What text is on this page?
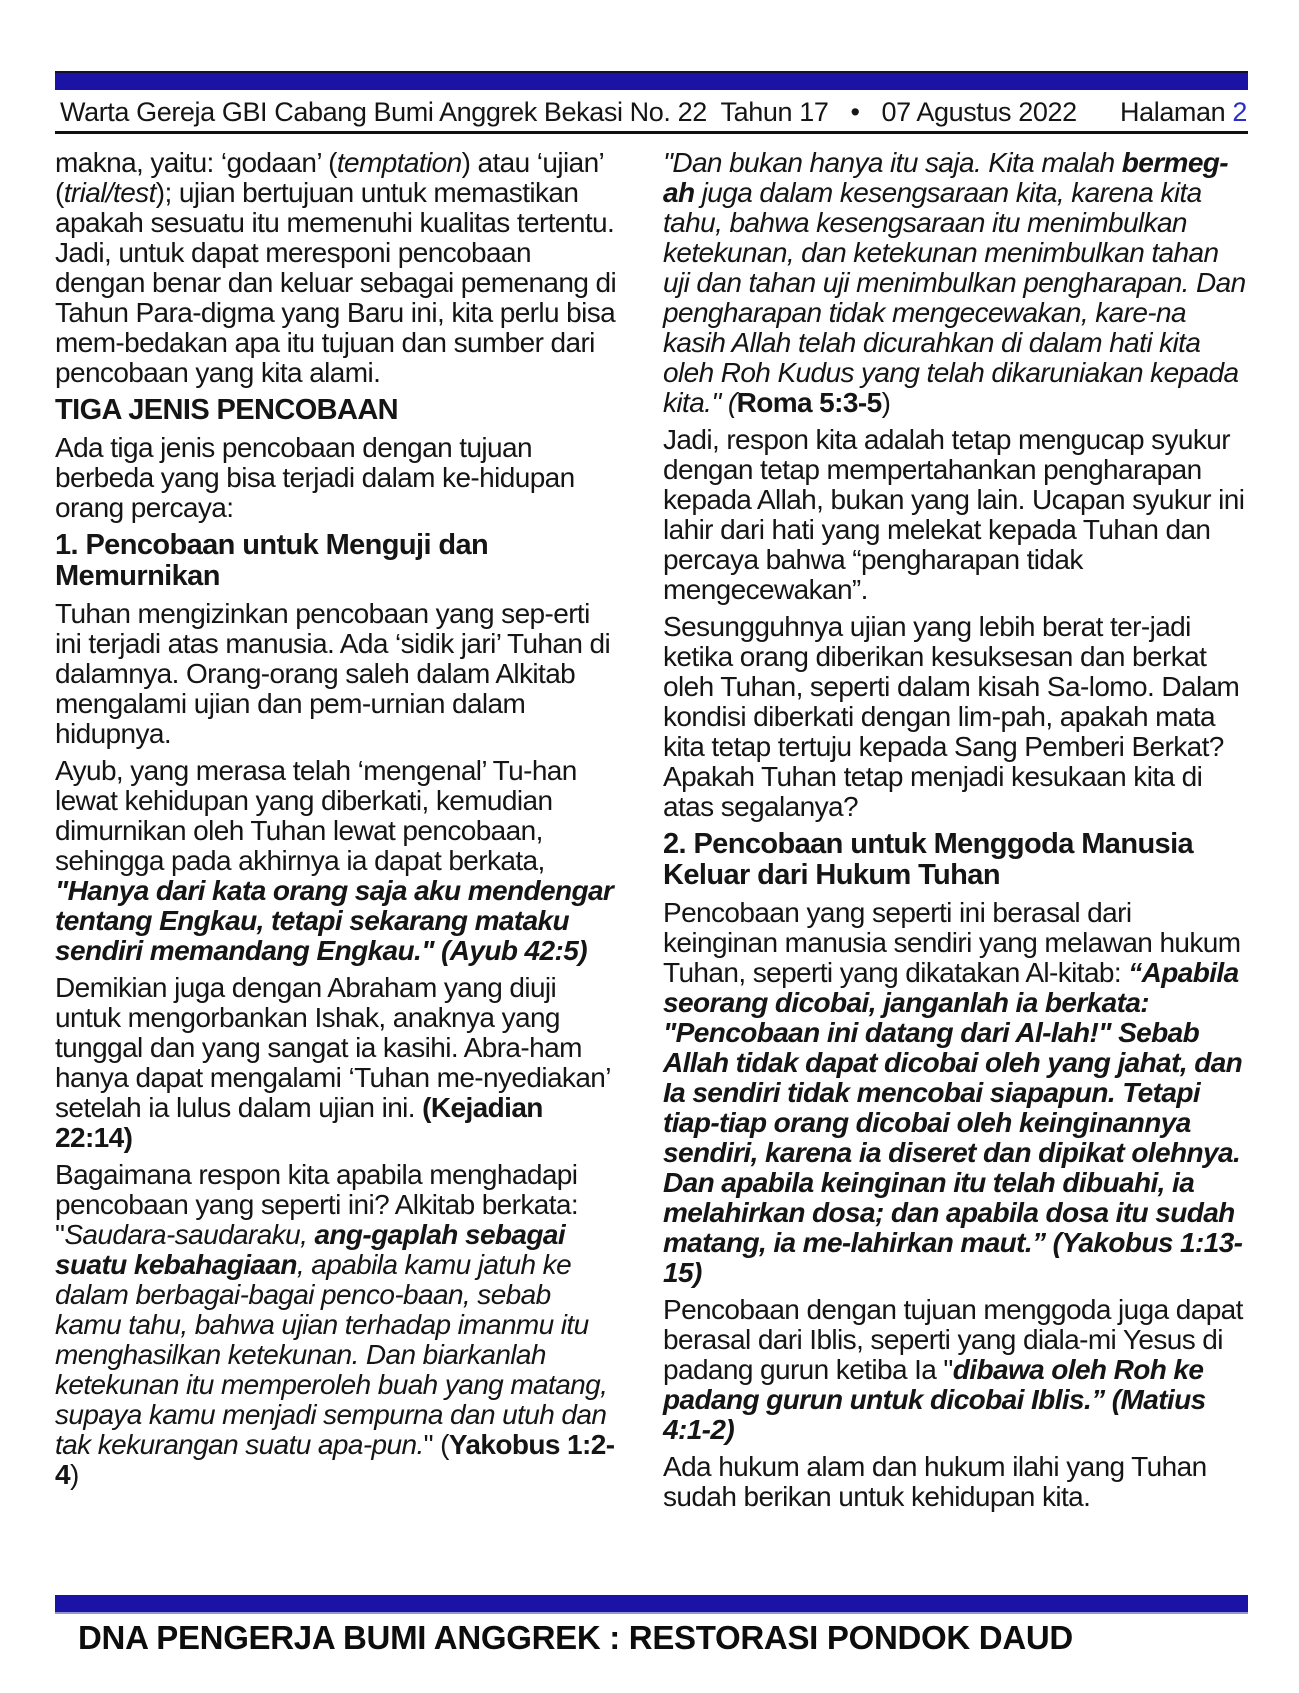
Warta Gereja GBI Cabang Bumi Anggrek Bekasi No. 22  Tahun 17 • 07 Agustus 2022 Halaman 2
makna, yaitu: ‘godaan’ (temptation) atau ‘ujian’ (trial/test); ujian bertujuan untuk memastikan apakah sesuatu itu memenuhi kualitas tertentu. Jadi, untuk dapat meresponi pencobaan dengan benar dan keluar sebagai pemenang di Tahun Para-digma yang Baru ini, kita perlu bisa mem-bedakan apa itu tujuan dan sumber dari pencobaan yang kita alami.
TIGA JENIS PENCOBAAN
Ada tiga jenis pencobaan dengan tujuan berbeda yang bisa terjadi dalam ke-hidupan orang percaya:
1. Pencobaan untuk Menguji dan Memurnikan
Tuhan mengizinkan pencobaan yang sep-erti ini terjadi atas manusia. Ada ‘sidik jari’ Tuhan di dalamnya. Orang-orang saleh dalam Alkitab mengalami ujian dan pem-urnian dalam hidupnya.
Ayub, yang merasa telah ‘mengenal’ Tu-han lewat kehidupan yang diberkati, kemudian dimurnikan oleh Tuhan lewat pencobaan, sehingga pada akhirnya ia dapat berkata, "Hanya dari kata orang saja aku mendengar tentang Engkau, tetapi sekarang mataku sendiri memandang Engkau." (Ayub 42:5)
Demikian juga dengan Abraham yang diuji untuk mengorbankan Ishak, anaknya yang tunggal dan yang sangat ia kasihi. Abra-ham hanya dapat mengalami ‘Tuhan me-nyediakan’ setelah ia lulus dalam ujian ini. (Kejadian 22:14)
Bagaimana respon kita apabila menghadapi pencobaan yang seperti ini? Alkitab berkata: "Saudara-saudaraku, ang-gaplah sebagai suatu kebahagiaan, apabila kamu jatuh ke dalam berbagai-bagai penco-baan, sebab kamu tahu, bahwa ujian terhadap imanmu itu menghasilkan ketekunan. Dan biarkanlah ketekunan itu memperoleh buah yang matang, supaya kamu menjadi sempurna dan utuh dan tak kekurangan suatu apa-pun." (Yakobus 1:2-4)
"Dan bukan hanya itu saja. Kita malah bermeg-ah juga dalam kesengsaraan kita, karena kita tahu, bahwa kesengsaraan itu menimbulkan ketekunan, dan ketekunan menimbulkan tahan uji dan tahan uji menimbulkan pengharapan. Dan pengharapan tidak mengecewakan, kare-na kasih Allah telah dicurahkan di dalam hati kita oleh Roh Kudus yang telah dikaruniakan kepada kita." (Roma 5:3-5)
Jadi, respon kita adalah tetap mengucap syukur dengan tetap mempertahankan pengharapan kepada Allah, bukan yang lain. Ucapan syukur ini lahir dari hati yang melekat kepada Tuhan dan percaya bahwa “pengharapan tidak mengecewakan”.
Sesungguhnya ujian yang lebih berat ter-jadi ketika orang diberikan kesuksesan dan berkat oleh Tuhan, seperti dalam kisah Sa-lomo. Dalam kondisi diberkati dengan lim-pah, apakah mata kita tetap tertuju kepada Sang Pemberi Berkat? Apakah Tuhan tetap menjadi kesukaan kita di atas segalanya?
2. Pencobaan untuk Menggoda Manusia Keluar dari Hukum Tuhan
Pencobaan yang seperti ini berasal dari keinginan manusia sendiri yang melawan hukum Tuhan, seperti yang dikatakan Al-kitab: “Apabila seorang dicobai, janganlah ia berkata: "Pencobaan ini datang dari Al-lah!" Sebab Allah tidak dapat dicobai oleh yang jahat, dan Ia sendiri tidak mencobai siapapun. Tetapi tiap-tiap orang dicobai oleh keinginannya sendiri, karena ia diseret dan dipikat olehnya. Dan apabila keinginan itu telah dibuahi, ia melahirkan dosa; dan apabila dosa itu sudah matang, ia me-lahirkan maut.” (Yakobus 1:13-15)
Pencobaan dengan tujuan menggoda juga dapat berasal dari Iblis, seperti yang diala-mi Yesus di padang gurun ketiba Ia "dibawa oleh Roh ke padang gurun untuk dicobai Iblis.” (Matius 4:1-2)
Ada hukum alam dan hukum ilahi yang Tuhan sudah berikan untuk kehidupan kita.
DNA PENGERJA BUMI ANGGREK : RESTORASI PONDOK DAUD
